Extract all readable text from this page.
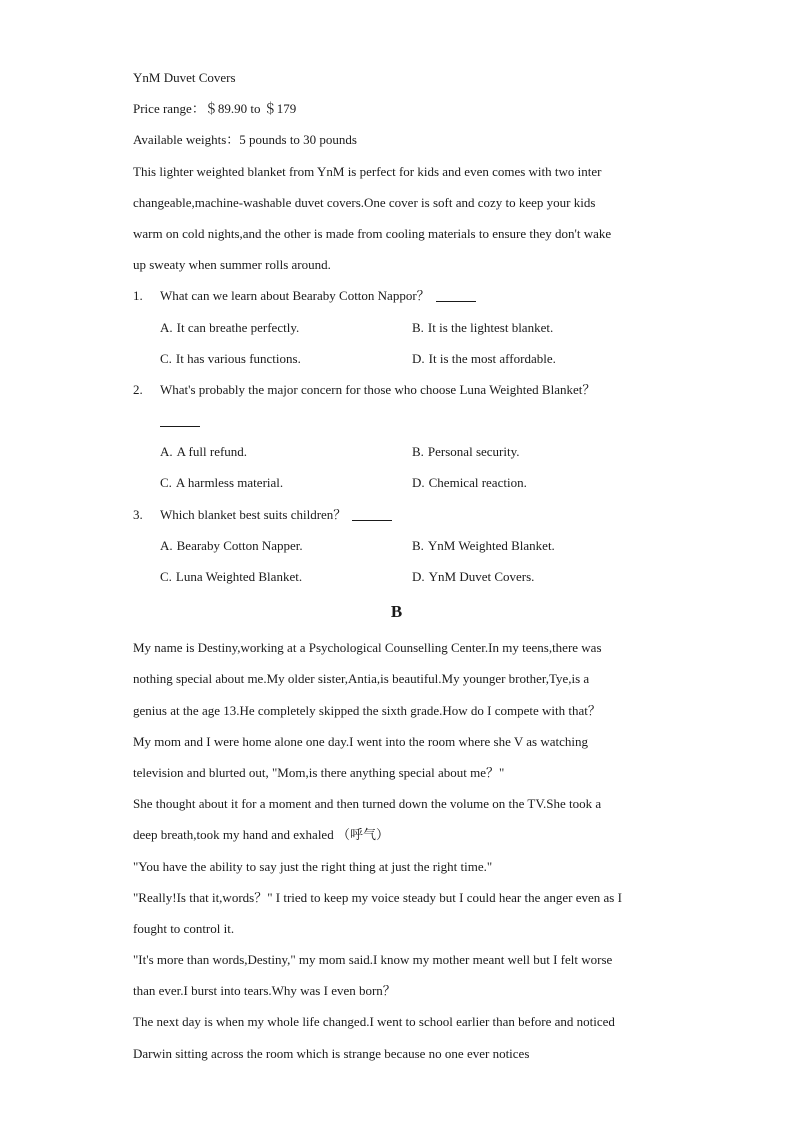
YnM Duvet Covers
Price range：＄89.90 to ＄179
Available weights：5 pounds to 30 pounds
This lighter weighted blanket from YnM is perfect for kids and even comes with two inter
changeable,machine-washable duvet covers.One cover is soft and cozy to keep your kids
warm on cold nights,and the other is made from cooling materials to ensure they don't wake
up sweaty when summer rolls around.
1. What can we learn about Bearaby Cotton Nappor？
A. It can breathe perfectly.	B. It is the lightest blanket.
C. It has various functions.	D. It is the most affordable.
2. What's probably the major concern for those who choose Luna Weighted Blanket？
A. A full refund.	B. Personal security.
C. A harmless material.	D. Chemical reaction.
3. Which blanket best suits children？
A. Bearaby Cotton Napper.	B. YnM Weighted Blanket.
C. Luna Weighted Blanket.	D. YnM Duvet Covers.
B
My name is Destiny,working at a Psychological Counselling Center.In my teens,there was
nothing special about me.My older sister,Antia,is beautiful.My younger brother,Tye,is a
genius at the age 13.He completely skipped the sixth grade.How do I compete with that？
My mom and I were home alone one day.I went into the room where she V as watching
television and blurted out, "Mom,is there anything special about me？"
She thought about it for a moment and then turned down the volume on the TV.She took a
deep breath,took my hand and exhaled （呼气）
"You have the ability to say just the right thing at just the right time."
"Really!Is that it,words？" I tried to keep my voice steady but I could hear the anger even as I
fought to control it.
"It's more than words,Destiny," my mom said.I know my mother meant well but I felt worse
than ever.I burst into tears.Why was I even born？
The next day is when my whole life changed.I went to school earlier than before and noticed
Darwin sitting across the room which is strange because no one ever notices
